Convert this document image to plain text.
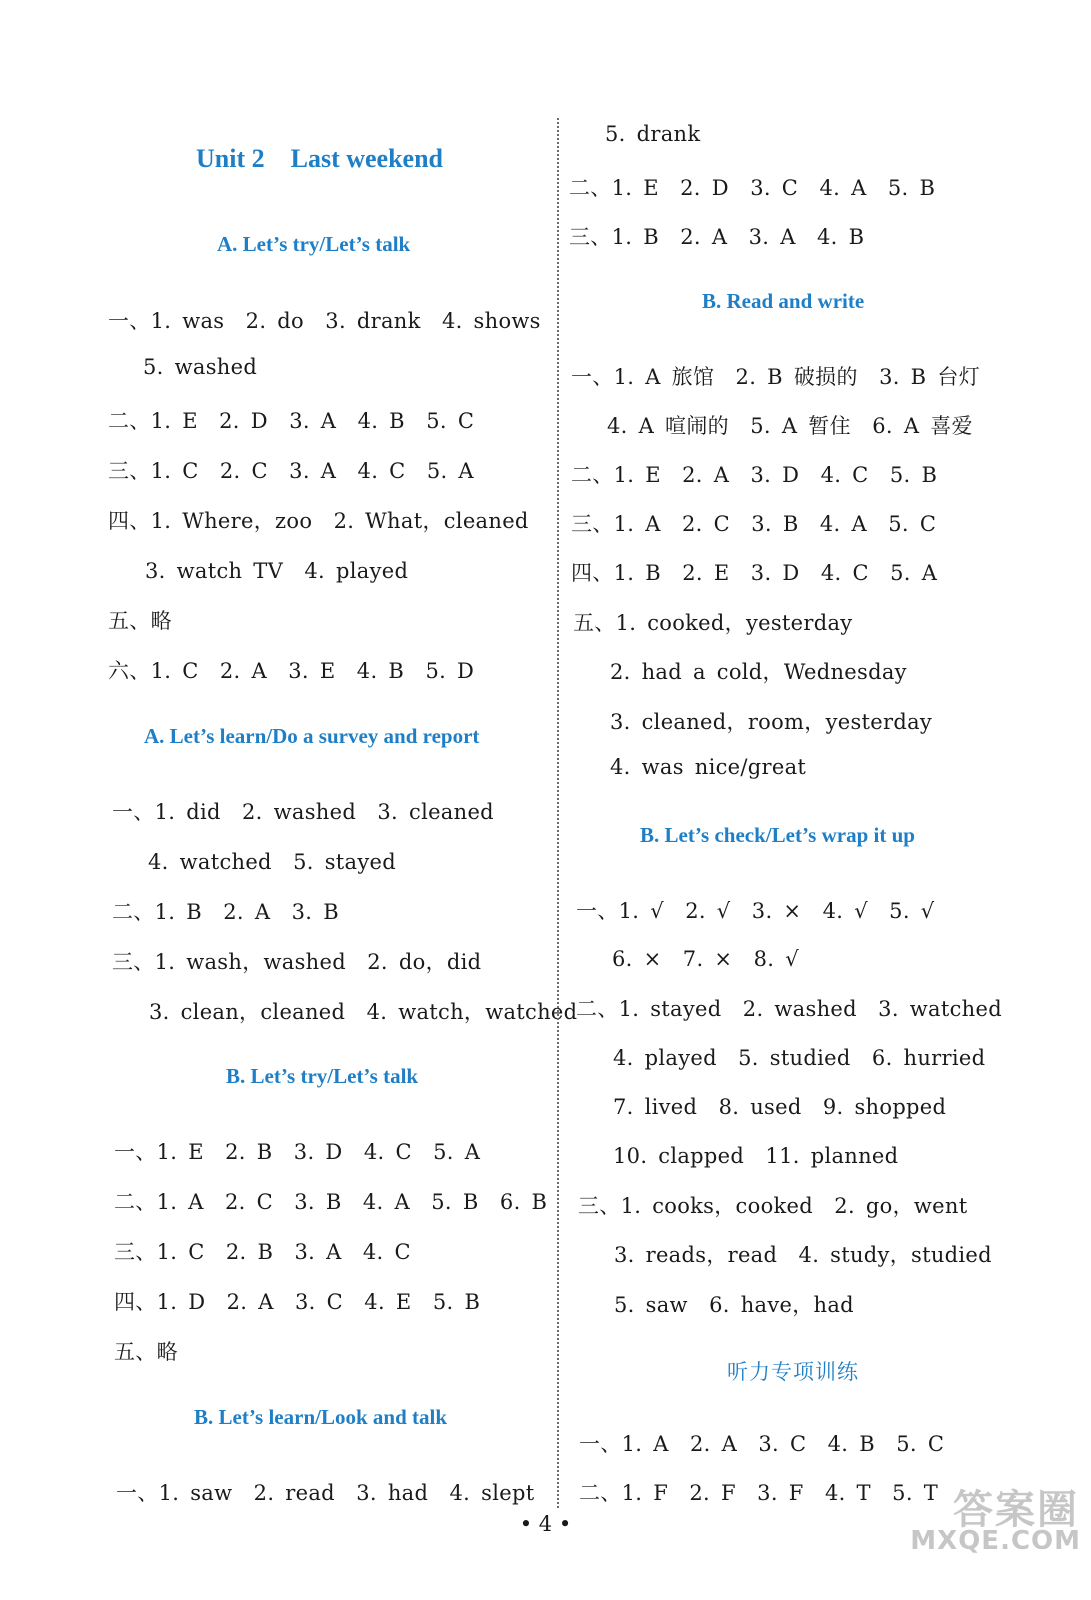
Unit 2　Last weekend
A. Let’s try/Let’s talk
一、1. was　2. do　3. drank　4. shows
5. washed
二、1. E　2. D　3. A　4. B　5. C
三、1. C　2. C　3. A　4. C　5. A
四、1. Where，zoo　2. What，cleaned
3. watch TV　4. played
五、略
六、1. C　2. A　3. E　4. B　5. D
A. Let’s learn/Do a survey and report
一、1. did　2. washed　3. cleaned
4. watched　5. stayed
二、1. B　2. A　3. B
三、1. wash，washed　2. do，did
3. clean，cleaned　4. watch，watched
B. Let’s try/Let’s talk
一、1. E　2. B　3. D　4. C　5. A
二、1. A　2. C　3. B　4. A　5. B　6. B
三、1. C　2. B　3. A　4. C
四、1. D　2. A　3. C　4. E　5. B
五、略
B. Let’s learn/Look and talk
一、1. saw　2. read　3. had　4. slept
5. drank
二、1. E　2. D　3. C　4. A　5. B
三、1. B　2. A　3. A　4. B
B. Read and write
一、1. A 旅馆　2. B 破损的　3. B 台灯
4. A 喧闹的　5. A 暂住　6. A 喜爱
二、1. E　2. A　3. D　4. C　5. B
三、1. A　2. C　3. B　4. A　5. C
四、1. B　2. E　3. D　4. C　5. A
五、1. cooked，yesterday
2. had a cold，Wednesday
3. cleaned，room，yesterday
4. was nice/great
B. Let’s check/Let’s wrap it up
一、1. √　2. √　3. ×　4. √　5. √
6. ×　7. ×　8. √
二、1. stayed　2. washed　3. watched
4. played　5. studied　6. hurried
7. lived　8. used　9. shopped
10. clapped　11. planned
三、1. cooks，cooked　2. go，went
3. reads，read　4. study，studied
5. saw　6. have，had
听力专项训练
一、1. A　2. A　3. C　4. B　5. C
二、1. F　2. F　3. F　4. T　5. T
• 4 •	答案圈
MXQE.COM
